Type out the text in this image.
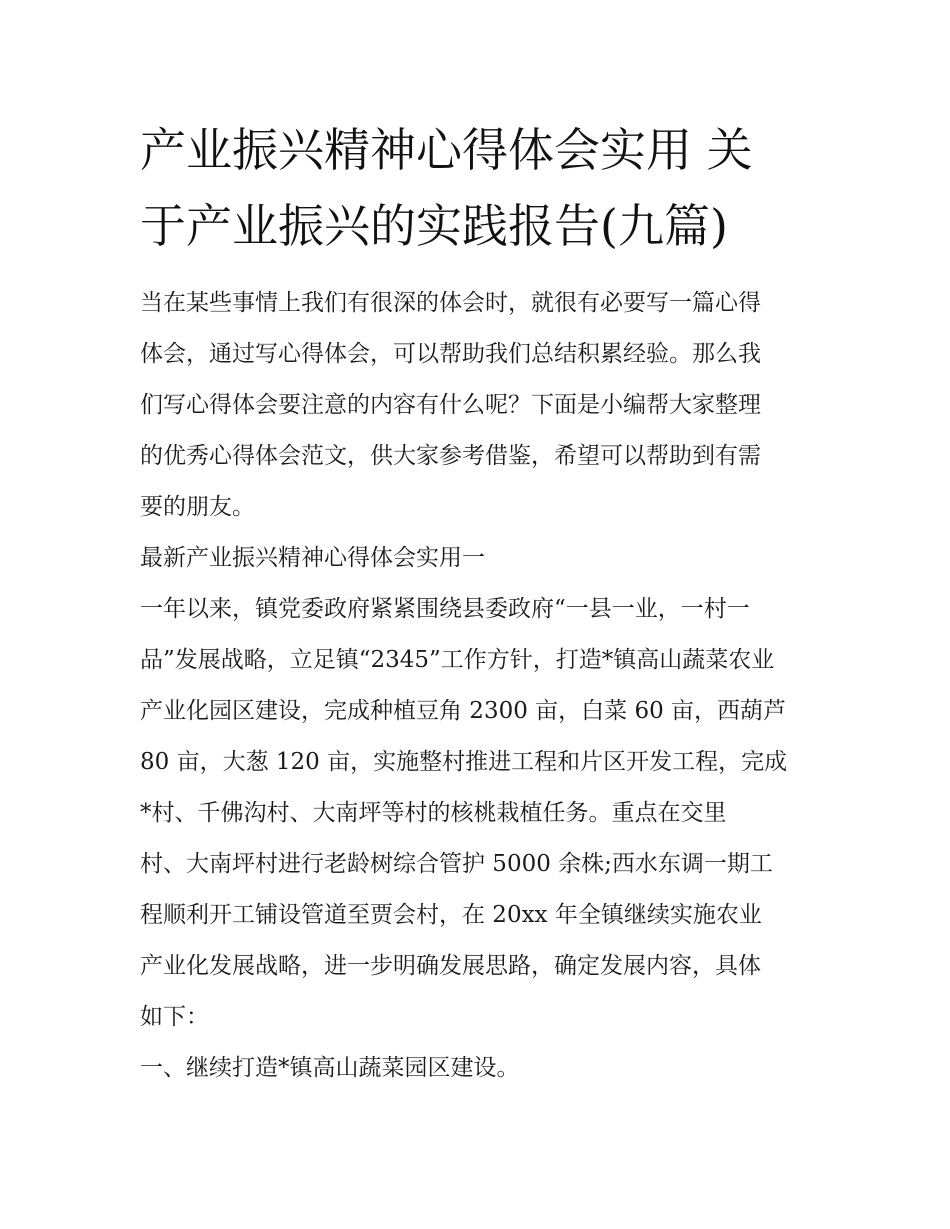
产业振兴精神心得体会实用 关
于产业振兴的实践报告(九篇)
当在某些事情上我们有很深的体会时，就很有必要写一篇心得
体会，通过写心得体会，可以帮助我们总结积累经验。那么我
们写心得体会要注意的内容有什么呢？下面是小编帮大家整理
的优秀心得体会范文，供大家参考借鉴，希望可以帮助到有需
要的朋友。
最新产业振兴精神心得体会实用一
一年以来，镇党委政府紧紧围绕县委政府“一县一业，一村一
品”发展战略，立足镇“2345”工作方针，打造*镇高山蔬菜农业
产业化园区建设，完成种植豆角 2300 亩，白菜 60 亩，西葫芦
80 亩，大葱 120 亩，实施整村推进工程和片区开发工程，完成
*村、千佛沟村、大南坪等村的核桃栽植任务。重点在交里
村、大南坪村进行老龄树综合管护 5000 余株;西水东调一期工
程顺利开工铺设管道至贾会村，在 20xx 年全镇继续实施农业
产业化发展战略，进一步明确发展思路，确定发展内容，具体
如下：
一、继续打造*镇高山蔬菜园区建设。
